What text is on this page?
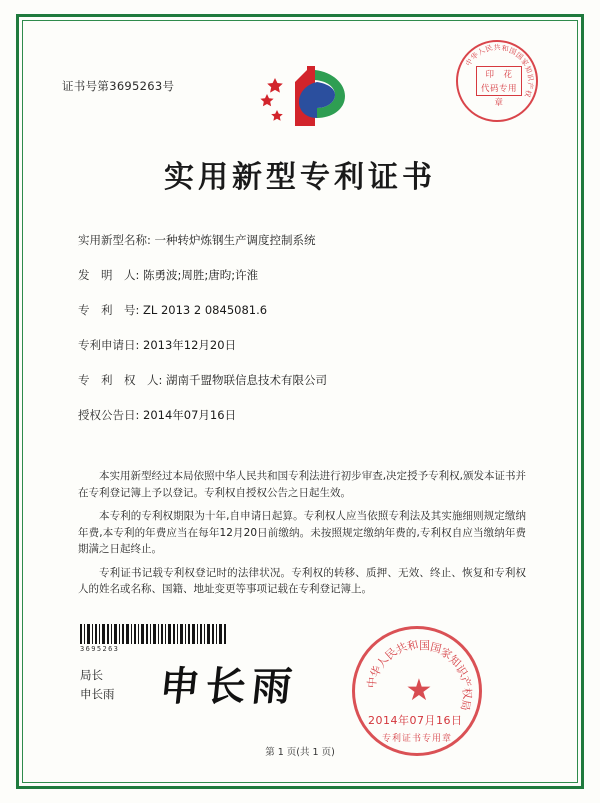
证书号第3695263号
中
华
人
民 共 和
国
国
家
知
识
产
权
印　花
代码专用章
实用新型专利证书
实用新型名称: 一种转炉炼钢生产调度控制系统
发　明　人: 陈勇波;周胜;唐昀;许淮
专　利　号: ZL 2013 2 0845081.6
专利申请日: 2013年12月20日
专　利　权　人: 湖南千盟物联信息技术有限公司
授权公告日: 2014年07月16日

本实用新型经过本局依照中华人民共和国专利法进行初步审查,决定授予专利权,颁发本证书并在专利登记簿上予以登记。专利权自授权公告之日起生效。

本专利的专利权期限为十年,自申请日起算。专利权人应当依照专利法及其实施细则规定缴纳年费,本专利的年费应当在每年12月20日前缴纳。未按照规定缴纳年费的,专利权自应当缴纳年费期满之日起终止。

专利证书记载专利权登记时的法律状况。专利权的转移、质押、无效、终止、恢复和专利权人的姓名或名称、国籍、地址变更等事项记载在专利登记簿上。

3695263
局长
申长雨 申长雨	中
华
人
民
共
和 国
国
家
知
识
产
权
局
★
专利证书专用章
2014年07月16日
第 1 页(共 1 页)
